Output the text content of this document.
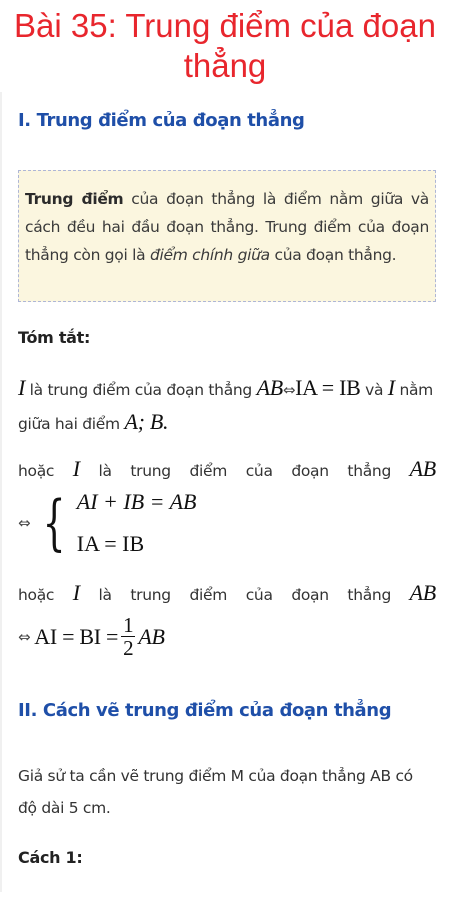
Bài 35: Trung điểm của đoạn thẳng
I. Trung điểm của đoạn thẳng
Trung điểm của đoạn thẳng là điểm nằm giữa và cách đều hai đầu đoạn thẳng. Trung điểm của đoạn thẳng còn gọi là điểm chính giữa của đoạn thẳng.
Tóm tắt:
I là trung điểm của đoạn thẳng AB⇔IA = IB và I nằm
giữa hai điểm A; B.
hoặc I là trung điểm của đoạn thẳng AB
⇔ { AI + IB = AB
IA = IB
hoặc I là trung điểm của đoạn thẳng AB
⇔ AI = BI = $\frac{1}{2}$ AB
II. Cách vẽ trung điểm của đoạn thẳng
Giả sử ta cần vẽ trung điểm M của đoạn thẳng AB có độ dài 5 cm.
Cách 1:
